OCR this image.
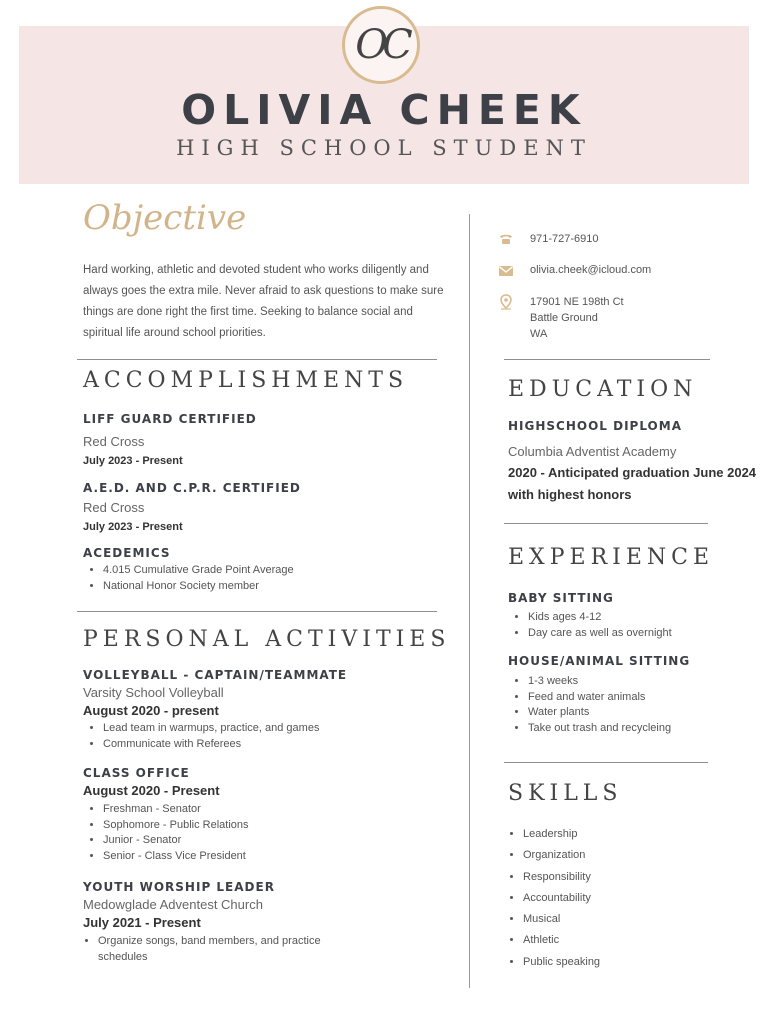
OC
OLIVIA CHEEK
HIGH SCHOOL STUDENT
Objective
Hard working, athletic and devoted student who works diligently and always goes the extra mile. Never afraid to ask questions to make sure things are done right the first time. Seeking to balance social and spiritual life around school priorities.
ACCOMPLISHMENTS
LIFF GUARD CERTIFIED
Red Cross
July 2023 - Present
A.E.D. AND C.P.R. CERTIFIED
Red Cross
July 2023 - Present
ACEDEMICS
• 4.015 Cumulative Grade Point Average
• National Honor Society member
PERSONAL ACTIVITIES
VOLLEYBALL - CAPTAIN/TEAMMATE
Varsity School Volleyball
August 2020 - present
• Lead team in warmups, practice, and games
• Communicate with Referees
CLASS OFFICE
August 2020 - Present
• Freshman - Senator
• Sophomore - Public Relations
• Junior - Senator
• Senior - Class Vice President
YOUTH WORSHIP LEADER
Medowglade Adventest Church
July 2021 - Present
• Organize songs, band members, and practice schedules
971-727-6910
olivia.cheek@icloud.com
17901 NE 198th Ct
Battle Ground
WA
EDUCATION
HIGHSCHOOL DIPLOMA
Columbia Adventist Academy
2020 - Anticipated graduation June 2024
with highest honors
EXPERIENCE
BABY SITTING
• Kids ages 4-12
• Day care as well as overnight
HOUSE/ANIMAL SITTING
• 1-3 weeks
• Feed and water animals
• Water plants
• Take out trash and recycleing
SKILLS
• Leadership
• Organization
• Responsibility
• Accountability
• Musical
• Athletic
• Public speaking
